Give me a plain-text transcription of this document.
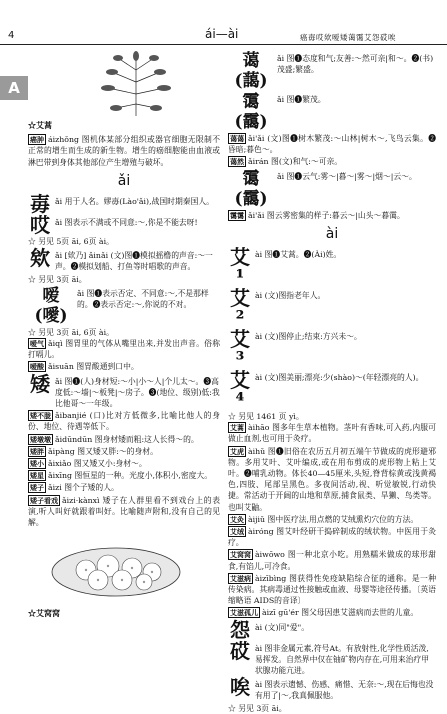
4	ái—ài	癌毐哎欸嗳矮蔼霭艾怨砹唉
A
☆艾蒿
癌肿 áizhǒng 图机体某部分组织或器官细胞无限制不正常的增生而生成的新生物。增生的癌细胞能由血液或淋巴带到身体其他部位产生增殖与破坏。
ǎi
毐 ǎi 用于人名。嫪毐(Lào'ǎi),战国时期秦国人。
哎 ǎi 图表示不满或不同意:～,你是不能去呀!
☆ 另见 5页 āi, 6页 ài。
欸 ǎi [欸乃] ǎinǎi (文)图❶模拟摇橹的声音:～一声。❷模拟划船、打鱼等时唱歌的声音。
☆ 另见 3页 āi。
嗳(噯)
ǎi 图❶表示否定、不同意:～,不是那样的。❷表示否定:～,你说的不对。
☆ 另见 3页 āi, 6页 ài。
嗳气 ǎiqì 图胃里的气体从嘴里出来,并发出声音。俗称打嗝儿。
嗳酸 ǎisuān 图胃酸通到口中。
矮 ǎi 图❶(人)身材短:～小|小～人|个儿太～。❸高度低:～墙|～板凳|～房子。❸(地位、级别)低:我比他哥～一年级。
矮不胧 ǎibanjié (口)比对方低微多,比喻比他人的身份、地位、待遇等低下。
矮墩墩 ǎidūndūn 图身材矮而粗:这人长得～的。
矮胖 ǎipàng 图又矮又胖:～的身材。
矮小 ǎixiǎo 图又矮又小:身材～。
矮星 ǎixīng 图恒星的一种。光度小,体积小,密度大。
矮子 ǎizi 图个子矮的人。
矮子看戏 ǎizi·kànxì 矮子在人群里看不到戏台上的表演,听人叫好就跟着叫好。比喻随声附和,没有自己的见解。
☆艾窝窝
蔼(藹)
ǎi 图❶态度和气;友善:～然可亲|和～。❷(书)茂盛;繁盛。
霭(靄)
ǎi 图❶繁茂。
蔼蔼 ǎi'ǎi (文)图❶树木繁茂:～山林|树木～,飞鸟云集。❷昏暗;暮色～。
蔼然 ǎirán 图(文)和气:～可亲。
霭(靄)
ǎi 图❶云气:雾～|暮～|雾～|烟～|云～。
霭霭 ǎi'ǎi 图云雾密集的样子:暮云～|山头～暮霭。
ài
艾¹
ài 图❶艾蒿。❷(Ài)姓。
艾²
ài (文)图指老年人。
艾³
ài (文)图停止;结束:方兴未～。
艾⁴
ài (文)图美丽;漂亮:少(shào)～(年轻漂亮的人)。
☆ 另见 1461 页 yì。
艾蒿 àihāo 图多年生草本植物。茎叶有香味,可入药,内服可做止血剂,也可用于灸疗。
艾虎 àihǔ 图❶旧俗在农历五月初五端午节做成的虎形避邪物。多用艾叶、艾叶编成,或在用布剪成的虎形物上粘上艾叶。❷哺乳动物。体长40—45厘米,头短,脊背棕黄或浅黄褐色,四肢、尾部呈黑色。多夜间活动,视、听觉敏锐,行动快捷。常活动于开阔的山地和草原,捕食鼠类、旱獭、鸟类等。也叫艾鼬。
艾灸 àijiǔ 图中医疗法,用点燃的艾绒熏灼穴位的方法。
艾绒 àiróng 图艾叶经研干捣碎制成的绒状物。中医用于灸疗。
艾窝窝 àiwōwo 图一种北京小吃。用熟糯米做成的球形甜食,有馅儿,可冷食。
艾滋病 àizībìng 图获得性免疫缺陷综合征的通称。是一种传染病。其病毒通过性接触或血液、母婴等途径传播。〔英语缩略语 AIDS的音译〕
艾滋孤儿 àizī gū'ér 图父母因患艾滋病而去世的儿童。
怨 ài (文)同"爱"。
砹 ài 图非金属元素,符号At。有放射性,化学性质活泼,易挥发。自然界中仅在铀矿物内存在,可用来治疗甲状腺功能亢进。
唉 ài 图表示遗憾、伤感、痛惜、无奈:～,现在后悔也没有用了|～,我真佩服他。
☆ 另见 3页 āi。
